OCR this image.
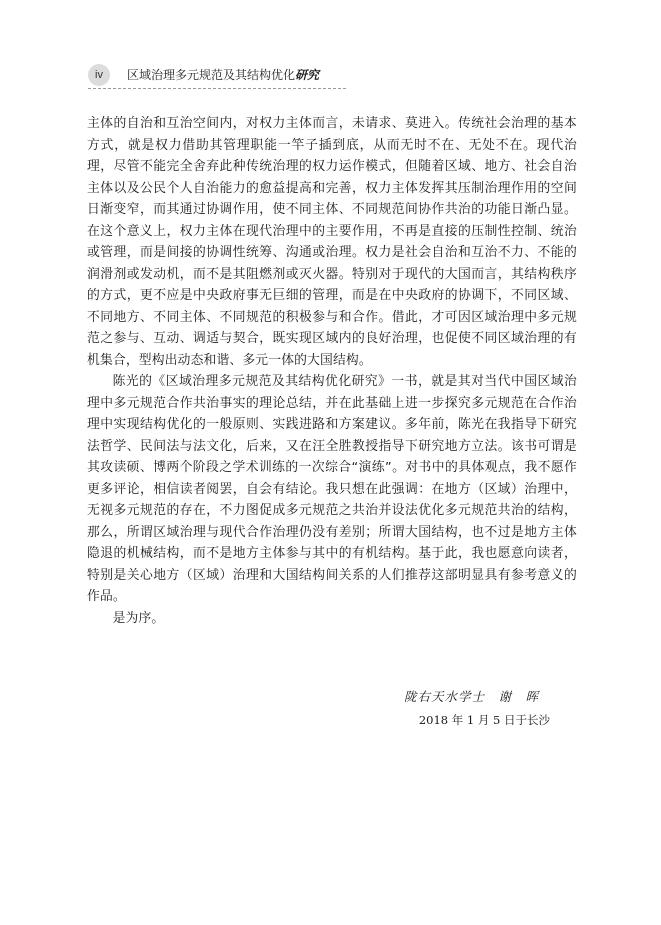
iv	区域治理多元规范及其结构优化研究

主体的自治和互治空间内，对权力主体而言，未请求、莫进入。传统社会治理的基本方式，就是权力借助其管理职能一竿子插到底，从而无时不在、无处不在。现代治理，尽管不能完全舍弃此种传统治理的权力运作模式，但随着区域、地方、社会自治主体以及公民个人自治能力的愈益提高和完善，权力主体发挥其压制治理作用的空间日渐变窄，而其通过协调作用，使不同主体、不同规范间协作共治的功能日渐凸显。在这个意义上，权力主体在现代治理中的主要作用，不再是直接的压制性控制、统治或管理，而是间接的协调性统筹、沟通或治理。权力是社会自治和互治不力、不能的润滑剂或发动机，而不是其阻燃剂或灭火器。特别对于现代的大国而言，其结构秩序的方式，更不应是中央政府事无巨细的管理，而是在中央政府的协调下，不同区域、不同地方、不同主体、不同规范的积极参与和合作。借此，才可因区域治理中多元规范之参与、互动、调适与契合，既实现区域内的良好治理，也促使不同区域治理的有机集合，型构出动态和谐、多元一体的大国结构。

陈光的《区域治理多元规范及其结构优化研究》一书，就是其对当代中国区域治理中多元规范合作共治事实的理论总结，并在此基础上进一步探究多元规范在合作治理中实现结构优化的一般原则、实践进路和方案建议。多年前，陈光在我指导下研究法哲学、民间法与法文化，后来，又在汪全胜教授指导下研究地方立法。该书可谓是其攻读硕、博两个阶段之学术训练的一次综合“演练”。对书中的具体观点，我不愿作更多评论，相信读者阅罢，自会有结论。我只想在此强调：在地方（区域）治理中，无视多元规范的存在，不力图促成多元规范之共治并设法优化多元规范共治的结构，那么，所谓区域治理与现代合作治理仍没有差别；所谓大国结构，也不过是地方主体隐退的机械结构，而不是地方主体参与其中的有机结构。基于此，我也愿意向读者，特别是关心地方（区域）治理和大国结构间关系的人们推荐这部明显具有参考意义的作品。

是为序。

陇右天水学士　谢　晖
2018 年 1 月 5 日于长沙
